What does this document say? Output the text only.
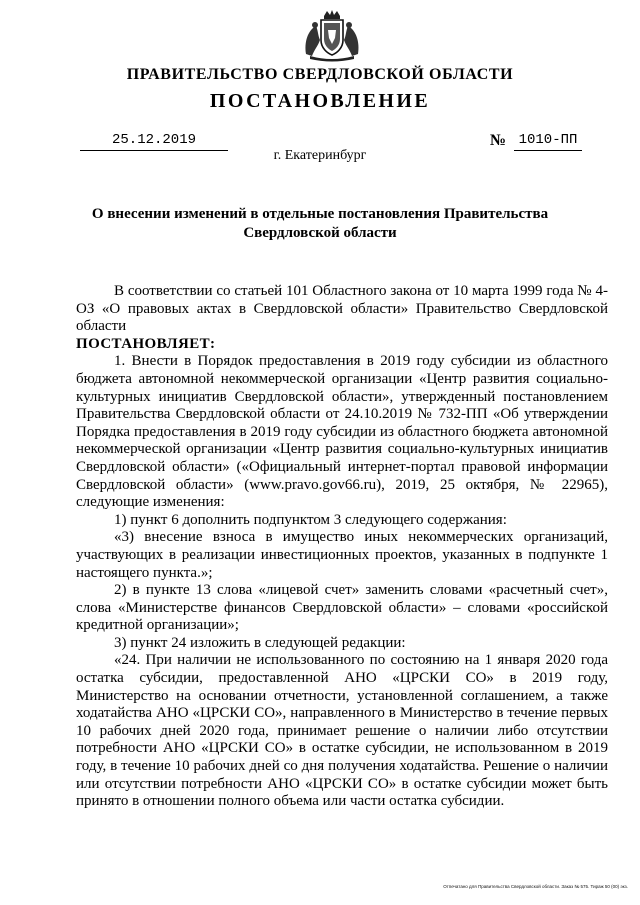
ПРАВИТЕЛЬСТВО СВЕРДЛОВСКОЙ ОБЛАСТИ
ПОСТАНОВЛЕНИЕ
25.12.2019	№ 1010-ПП
г. Екатеринбург
О внесении изменений в отдельные постановления Правительства Свердловской области

В соответствии со статьей 101 Областного закона от 10 марта 1999 года № 4-ОЗ «О правовых актах в Свердловской области» Правительство Свердловской области

ПОСТАНОВЛЯЕТ:

1. Внести в Порядок предоставления в 2019 году субсидии из областного бюджета автономной некоммерческой организации «Центр развития социально-культурных инициатив Свердловской области», утвержденный постановлением Правительства Свердловской области от 24.10.2019 № 732-ПП «Об утверждении Порядка предоставления в 2019 году субсидии из областного бюджета автономной некоммерческой организации «Центр развития социально-культурных инициатив Свердловской области» («Официальный интернет-портал правовой информации Свердловской области» (www.pravo.gov66.ru), 2019, 25 октября, № 22965), следующие изменения:

1) пункт 6 дополнить подпунктом 3 следующего содержания:

«3) внесение взноса в имущество иных некоммерческих организаций, участвующих в реализации инвестиционных проектов, указанных в подпункте 1 настоящего пункта.»;

2) в пункте 13 слова «лицевой счет» заменить словами «расчетный счет», слова «Министерстве финансов Свердловской области» – словами «российской кредитной организации»;

3) пункт 24 изложить в следующей редакции:

«24. При наличии не использованного по состоянию на 1 января 2020 года остатка субсидии, предоставленной АНО «ЦРСКИ СО» в 2019 году, Министерство на основании отчетности, установленной соглашением, а также ходатайства АНО «ЦРСКИ СО», направленного в Министерство в течение первых 10 рабочих дней 2020 года, принимает решение о наличии либо отсутствии потребности АНО «ЦРСКИ СО» в остатке субсидии, не использованном в 2019 году, в течение 10 рабочих дней со дня получения ходатайства. Решение о наличии или отсутствии потребности АНО «ЦРСКИ СО» в остатке субсидии может быть принято в отношении полного объема или части остатка субсидии.

Отпечатано для Правительства Свердловской области. Заказ № 575. Тираж 50 (00) экз.
